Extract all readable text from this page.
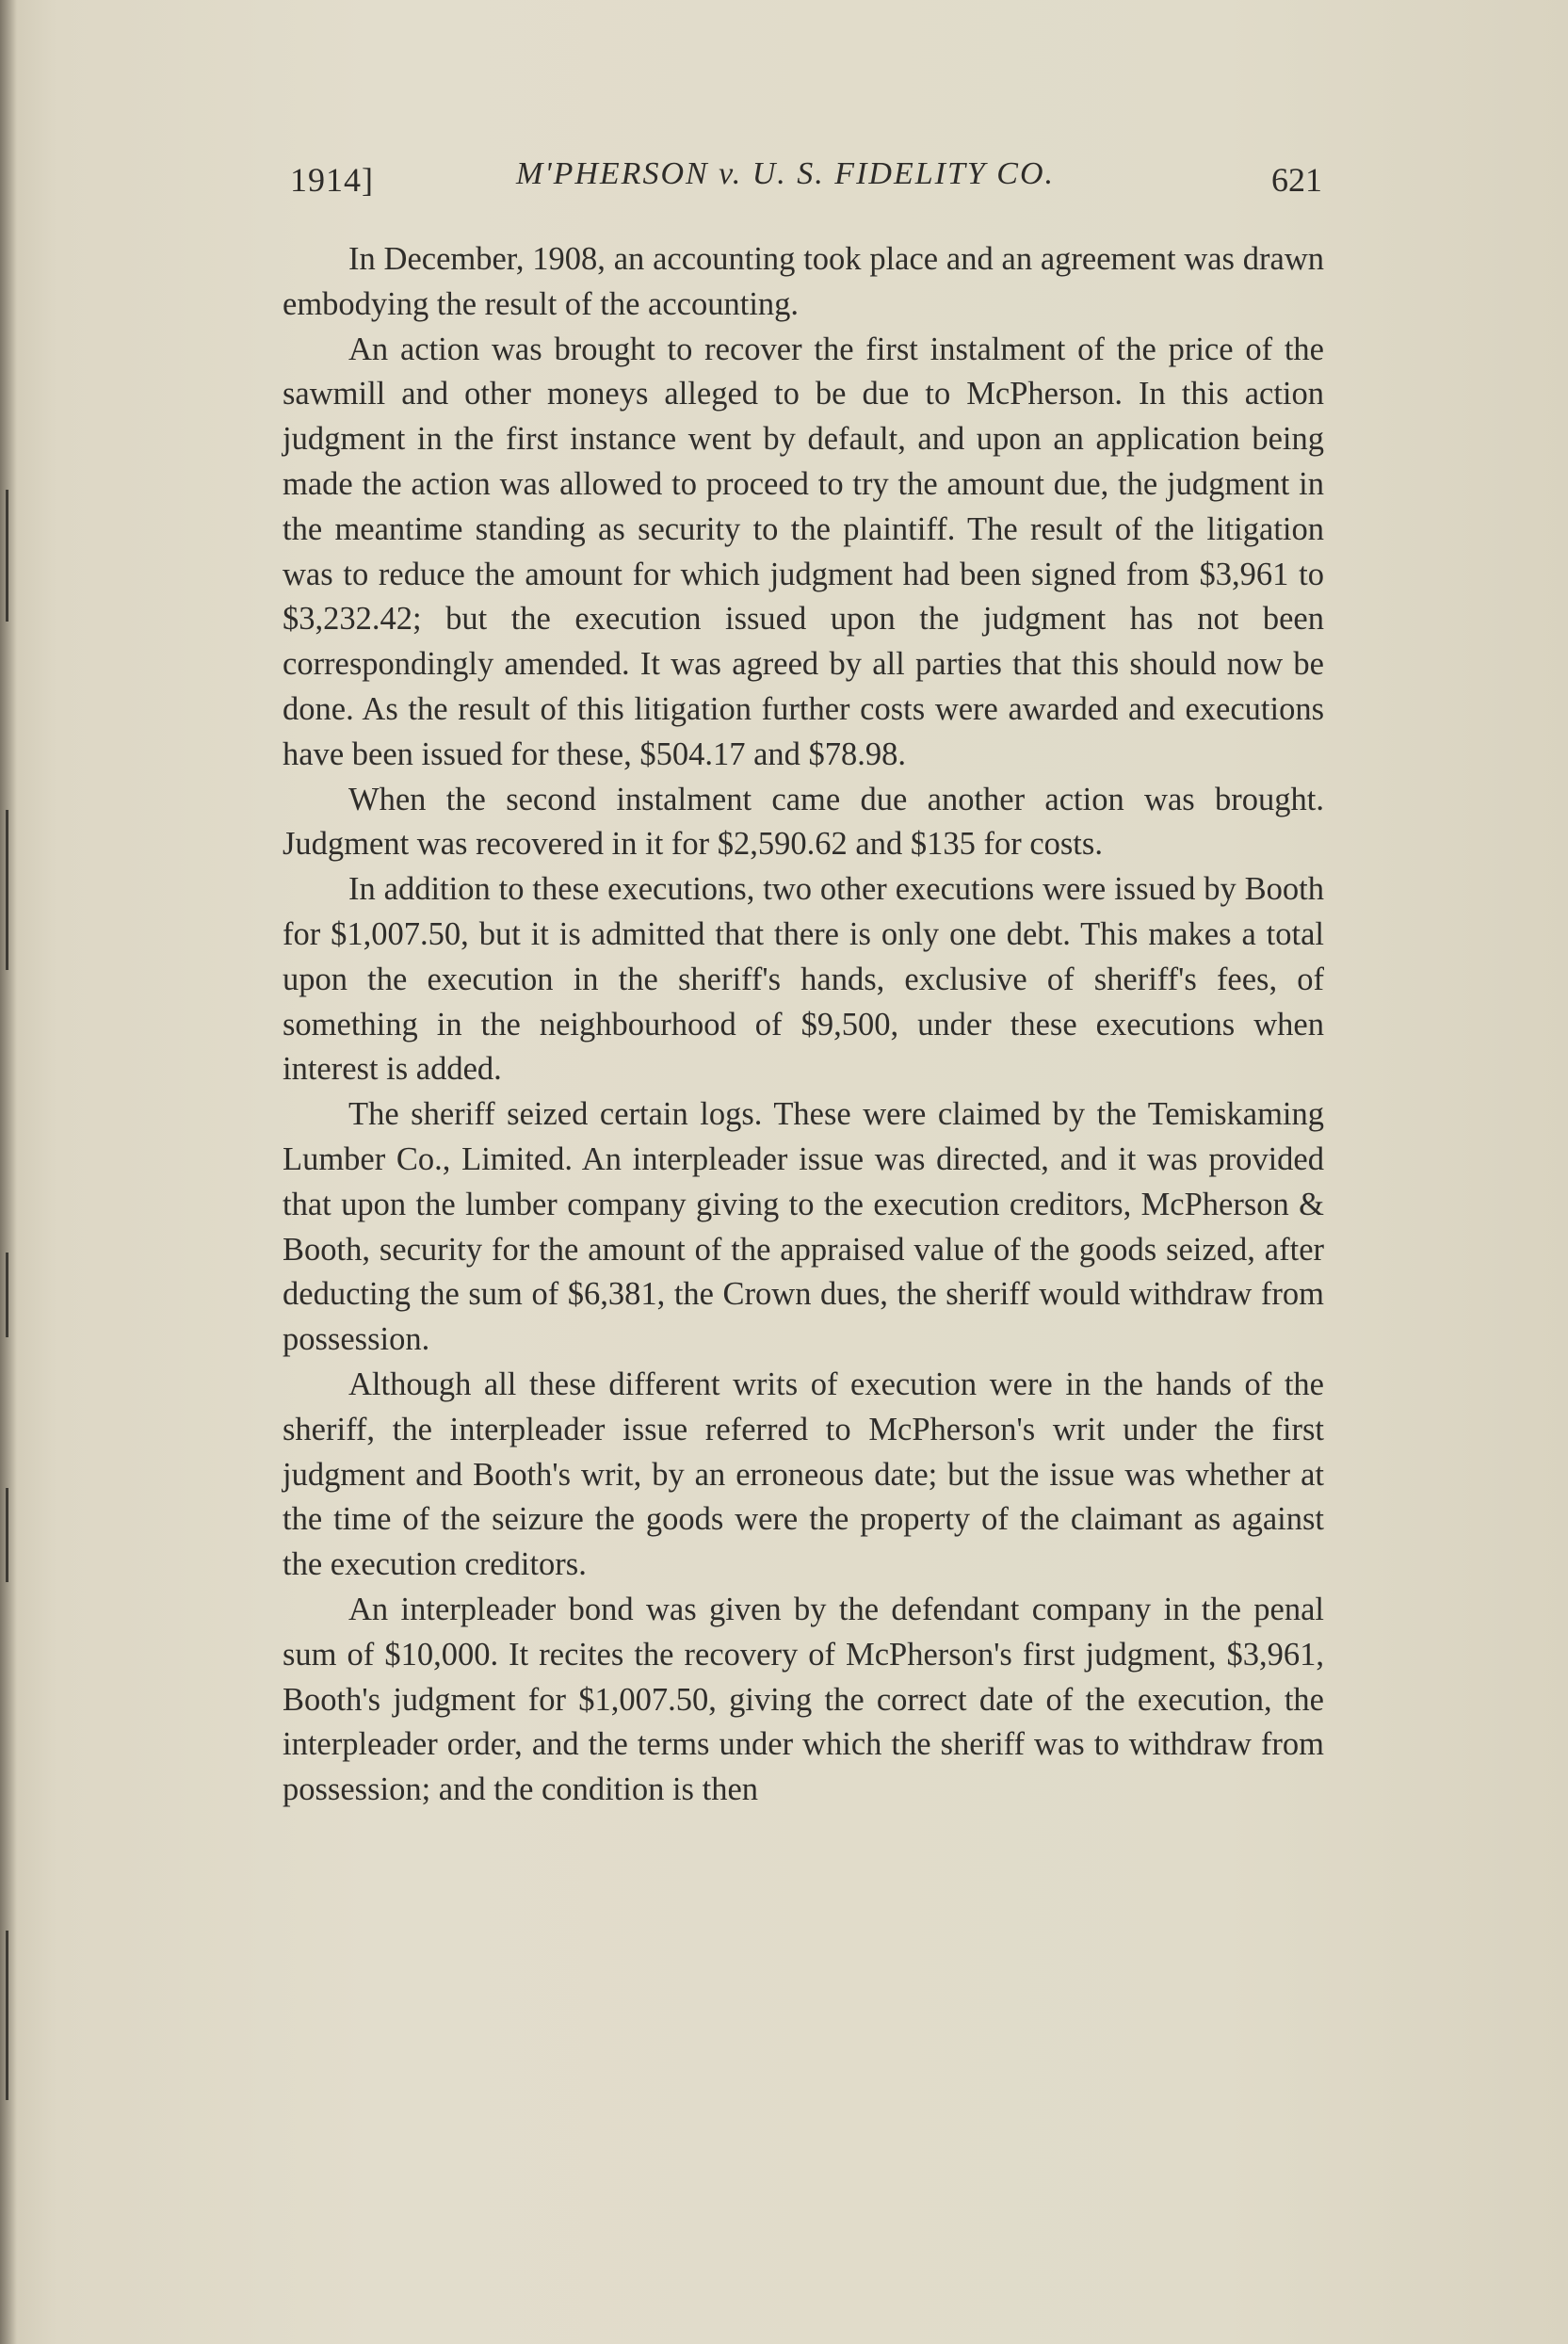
1914]	M'PHERSON v. U. S. FIDELITY CO.	621

In December, 1908, an accounting took place and an agreement was drawn embodying the result of the accounting.

An action was brought to recover the first instalment of the price of the sawmill and other moneys alleged to be due to McPherson. In this action judgment in the first instance went by default, and upon an application being made the action was allowed to proceed to try the amount due, the judgment in the meantime standing as security to the plaintiff. The result of the litigation was to reduce the amount for which judgment had been signed from $3,961 to $3,232.42; but the execution issued upon the judgment has not been correspondingly amended. It was agreed by all parties that this should now be done. As the result of this litigation further costs were awarded and executions have been issued for these, $504.17 and $78.98.

When the second instalment came due another action was brought. Judgment was recovered in it for $2,590.62 and $135 for costs.

In addition to these executions, two other executions were issued by Booth for $1,007.50, but it is admitted that there is only one debt. This makes a total upon the execution in the sheriff's hands, exclusive of sheriff's fees, of something in the neighbourhood of $9,500, under these executions when interest is added.

The sheriff seized certain logs. These were claimed by the Temiskaming Lumber Co., Limited. An interpleader issue was directed, and it was provided that upon the lumber company giving to the execution creditors, McPherson & Booth, security for the amount of the appraised value of the goods seized, after deducting the sum of $6,381, the Crown dues, the sheriff would withdraw from possession.

Although all these different writs of execution were in the hands of the sheriff, the interpleader issue referred to McPherson's writ under the first judgment and Booth's writ, by an erroneous date; but the issue was whether at the time of the seizure the goods were the property of the claimant as against the execution creditors.

An interpleader bond was given by the defendant company in the penal sum of $10,000. It recites the recovery of McPherson's first judgment, $3,961, Booth's judgment for $1,007.50, giving the correct date of the execution, the interpleader order, and the terms under which the sheriff was to withdraw from possession; and the condition is then
